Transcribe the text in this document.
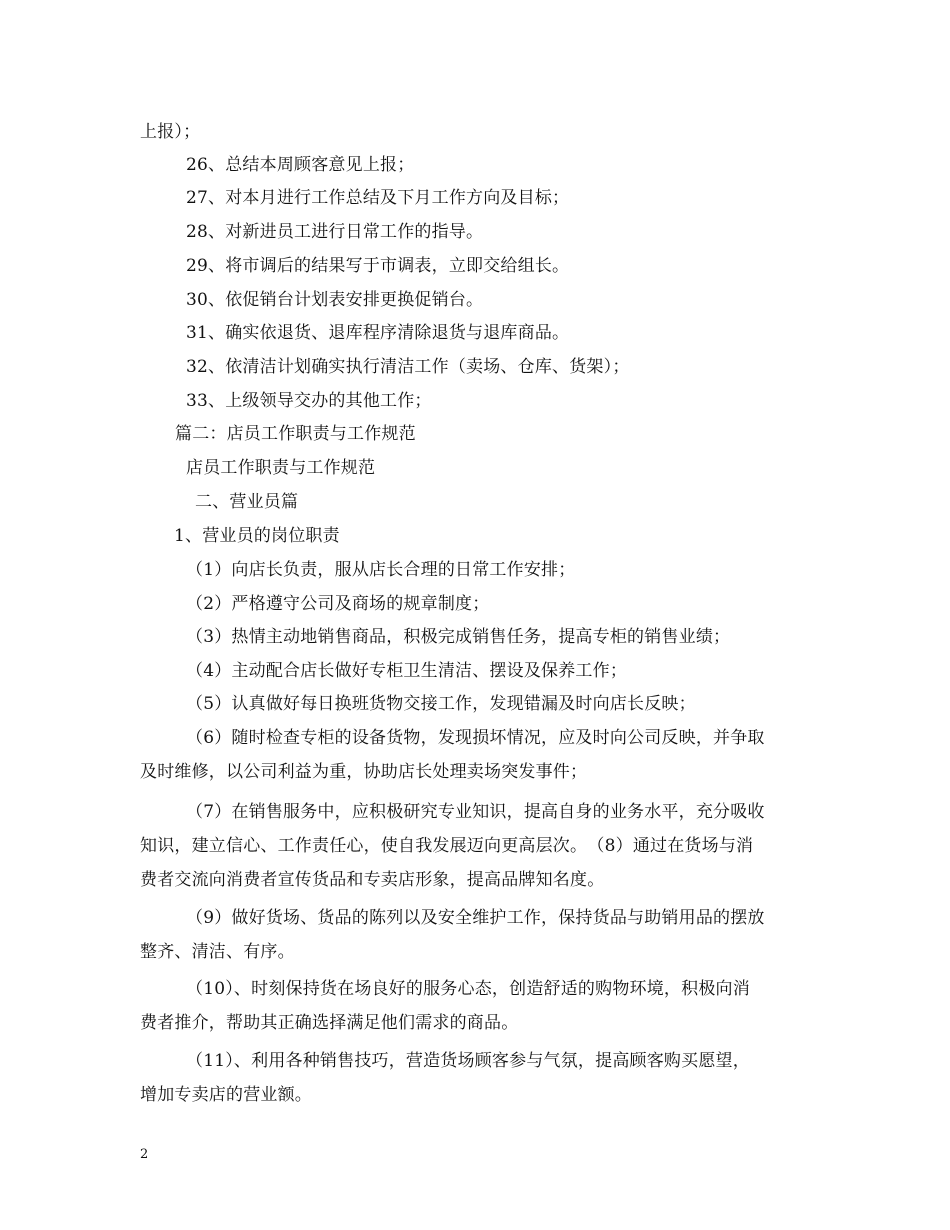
上报）；
26、总结本周顾客意见上报；
27、对本月进行工作总结及下月工作方向及目标；
28、对新进员工进行日常工作的指导。
29、将市调后的结果写于市调表，立即交给组长。
30、依促销台计划表安排更换促销台。
31、确实依退货、退库程序清除退货与退库商品。
32、依清洁计划确实执行清洁工作（卖场、仓库、货架）；
33、上级领导交办的其他工作；
篇二：店员工作职责与工作规范
店员工作职责与工作规范
二、营业员篇
1、营业员的岗位职责
（1）向店长负责，服从店长合理的日常工作安排；
（2）严格遵守公司及商场的规章制度；
（3）热情主动地销售商品，积极完成销售任务，提高专柜的销售业绩；
（4）主动配合店长做好专柜卫生清洁、摆设及保养工作；
（5）认真做好每日换班货物交接工作，发现错漏及时向店长反映；
（6）随时检查专柜的设备货物，发现损坏情况，应及时向公司反映，并争取
及时维修，以公司利益为重，协助店长处理卖场突发事件；
（7）在销售服务中，应积极研究专业知识，提高自身的业务水平，充分吸收
知识，建立信心、工作责任心，使自我发展迈向更高层次。　（8）通过在货场与消
费者交流向消费者宣传货品和专卖店形象，提高品牌知名度。
（9）做好货场、货品的陈列以及安全维护工作，保持货品与助销用品的摆放
整齐、清洁、有序。
（10）、时刻保持货在场良好的服务心态，创造舒适的购物环境，积极向消
费者推介，帮助其正确选择满足他们需求的商品。
（11）、利用各种销售技巧，营造货场顾客参与气氛，提高顾客购买愿望，
增加专卖店的营业额。
2
